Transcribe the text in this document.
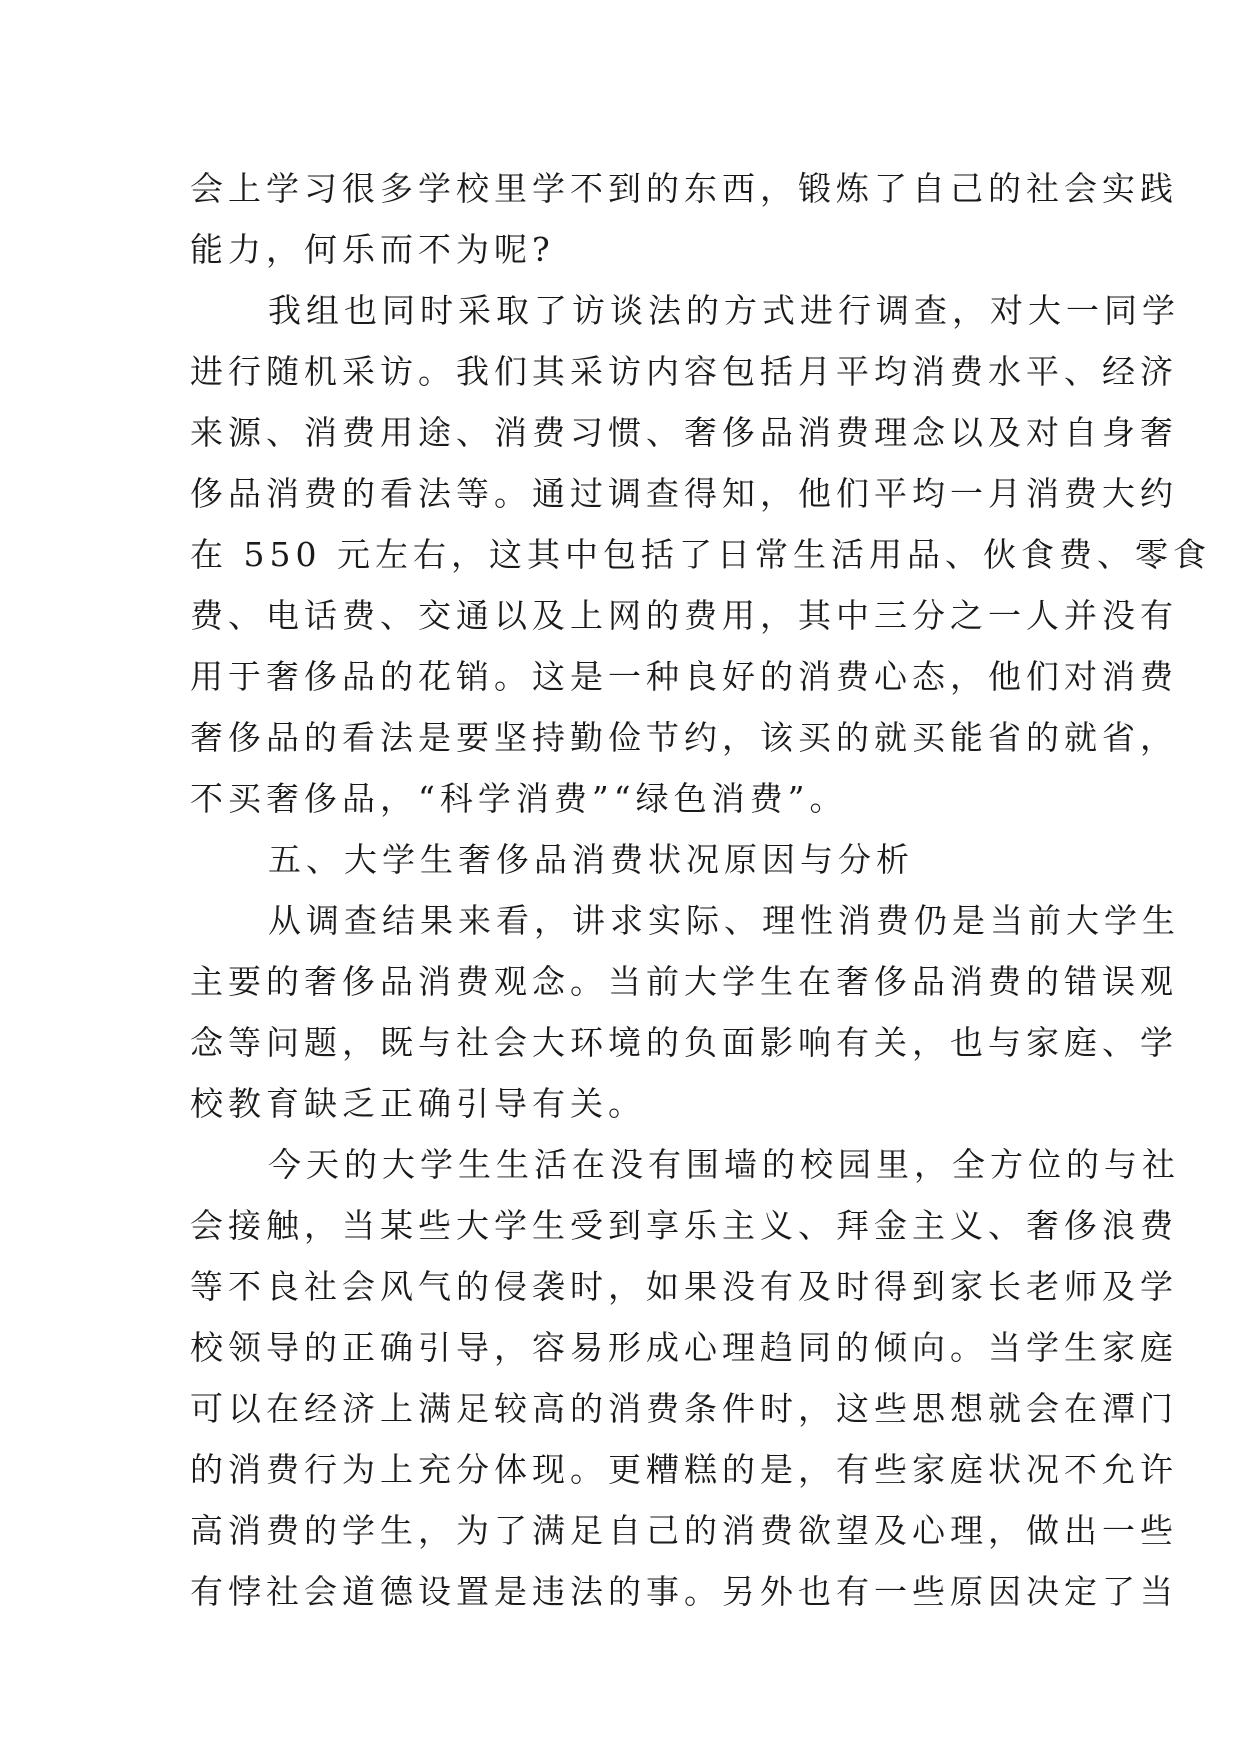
会上学习很多学校里学不到的东西，锻炼了自己的社会实践
能力，何乐而不为呢?
我组也同时采取了访谈法的方式进行调查，对大一同学
进行随机采访。我们其采访内容包括月平均消费水平、经济
来源、消费用途、消费习惯、奢侈品消费理念以及对自身奢
侈品消费的看法等。通过调查得知，他们平均一月消费大约
在 550 元左右，这其中包括了日常生活用品、伙食费、零食
费、电话费、交通以及上网的费用，其中三分之一人并没有
用于奢侈品的花销。这是一种良好的消费心态，他们对消费
奢侈品的看法是要坚持勤俭节约，该买的就买能省的就省，
不买奢侈品，“科学消费”“绿色消费”。
五、大学生奢侈品消费状况原因与分析
从调查结果来看，讲求实际、理性消费仍是当前大学生
主要的奢侈品消费观念。当前大学生在奢侈品消费的错误观
念等问题，既与社会大环境的负面影响有关，也与家庭、学
校教育缺乏正确引导有关。
今天的大学生生活在没有围墙的校园里，全方位的与社
会接触，当某些大学生受到享乐主义、拜金主义、奢侈浪费
等不良社会风气的侵袭时，如果没有及时得到家长老师及学
校领导的正确引导，容易形成心理趋同的倾向。当学生家庭
可以在经济上满足较高的消费条件时，这些思想就会在潭门
的消费行为上充分体现。更糟糕的是，有些家庭状况不允许
高消费的学生，为了满足自己的消费欲望及心理，做出一些
有悖社会道德设置是违法的事。另外也有一些原因决定了当
